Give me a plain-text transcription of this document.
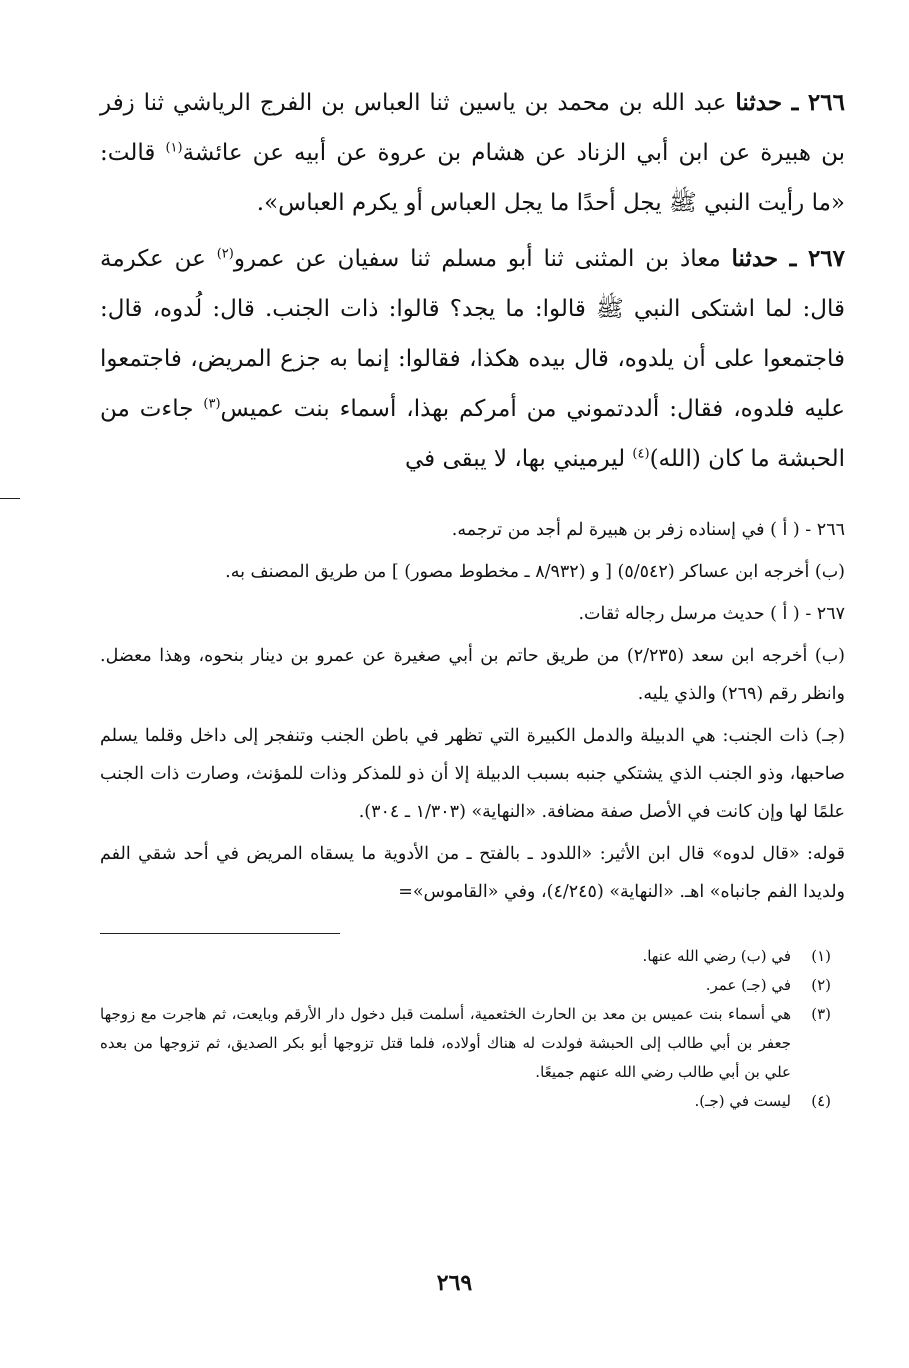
٢٦٦ ـ حدثنا عبد الله بن محمد بن ياسين ثنا العباس بن الفرج الرياشي ثنا زفر بن هبيرة عن ابن أبي الزناد عن هشام بن عروة عن أبيه عن عائشة$^{(١)}$ قالت: «ما رأيت النبي ﷺ يجل أحدًا ما يجل العباس أو يكرم العباس».

٢٦٧ ـ حدثنا معاذ بن المثنى ثنا أبو مسلم ثنا سفيان عن عمرو$^{(٢)}$ عن عكرمة قال: لما اشتكى النبي ﷺ قالوا: ما يجد؟ قالوا: ذات الجنب. قال: لُدوه، قال: فاجتمعوا على أن يلدوه، قال بيده هكذا، فقالوا: إنما به جزع المريض، فاجتمعوا عليه فلدوه، فقال: ألددتموني من أمركم بهذا، أسماء بنت عميس$^{(٣)}$ جاءت من الحبشة ما كان (الله)$^{(٤)}$ ليرميني بها، لا يبقى في

٢٦٦ - ( أ ) في إسناده زفر بن هبيرة لم أجد من ترجمه.

(ب) أخرجه ابن عساكر (٥/٥٤٢) [ و (٨/٩٣٢ ـ مخطوط مصور) ] من طريق المصنف به.

٢٦٧ - ( أ ) حديث مرسل رجاله ثقات.

(ب) أخرجه ابن سعد (٢/٢٣٥) من طريق حاتم بن أبي صغيرة عن عمرو بن دينار بنحوه، وهذا معضل. وانظر رقم (٢٦٩) والذي يليه.

(جـ) ذات الجنب: هي الدبيلة والدمل الكبيرة التي تظهر في باطن الجنب وتنفجر إلى داخل وقلما يسلم صاحبها، وذو الجنب الذي يشتكي جنبه بسبب الدبيلة إلا أن ذو للمذكر وذات للمؤنث، وصارت ذات الجنب علمًا لها وإن كانت في الأصل صفة مضافة. «النهاية» (١/٣٠٣ ـ ٣٠٤).

قوله: «قال لدوه» قال ابن الأثير: «اللدود ـ بالفتح ـ من الأدوية ما يسقاه المريض في أحد شقي الفم ولديدا الفم جانباه» اهـ. «النهاية» (٤/٢٤٥)، وفي «القاموس»=

(١)
في (ب) رضي الله عنها.
(٢)
في (جـ) عمر.
(٣)
هي أسماء بنت عميس بن معد بن الحارث الخثعمية، أسلمت قبل دخول دار الأرقم وبايعت، ثم هاجرت مع زوجها جعفر بن أبي طالب إلى الحبشة فولدت له هناك أولاده، فلما قتل تزوجها أبو بكر الصديق، ثم تزوجها من بعده علي بن أبي طالب رضي الله عنهم جميعًا.
(٤)
ليست في (جـ).
٢٦٩
